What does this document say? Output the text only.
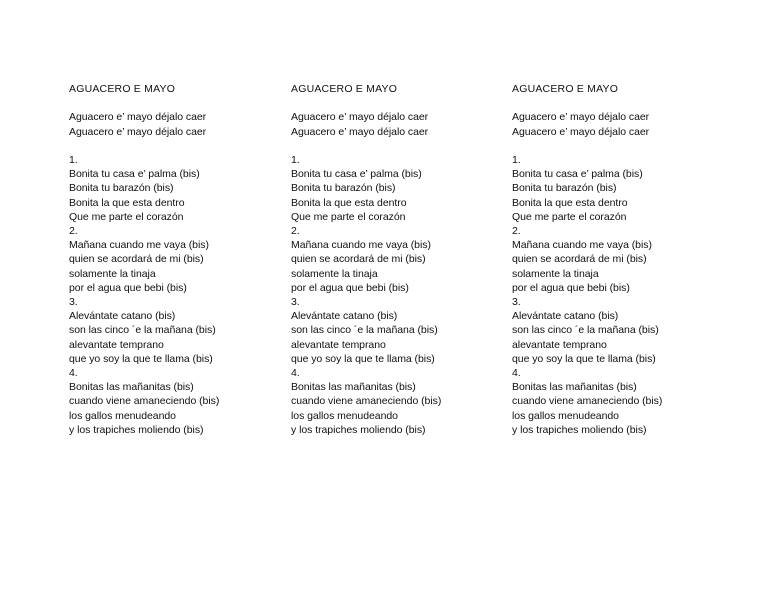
AGUACERO E MAYO
Aguacero e’ mayo déjalo caer
Aguacero e’ mayo déjalo caer
1.
Bonita tu casa e’ palma (bis)
Bonita tu barazón (bis)
Bonita la que esta dentro
Que me parte el corazón
2.
Mañana cuando me vaya (bis)
quien se acordará de mi (bis)
solamente la tinaja
por el agua que bebi (bis)
3.
Alevántate catano (bis)
son las cinco ´e la mañana (bis)
alevantate temprano
que yo soy la que te llama (bis)
4.
Bonitas las mañanitas (bis)
cuando viene amaneciendo (bis)
los gallos menudeando
y los trapiches moliendo (bis)
AGUACERO E MAYO
Aguacero e’ mayo déjalo caer
Aguacero e’ mayo déjalo caer
1.
Bonita tu casa e’ palma (bis)
Bonita tu barazón (bis)
Bonita la que esta dentro
Que me parte el corazón
2.
Mañana cuando me vaya (bis)
quien se acordará de mi (bis)
solamente la tinaja
por el agua que bebi (bis)
3.
Alevántate catano (bis)
son las cinco ´e la mañana (bis)
alevantate temprano
que yo soy la que te llama (bis)
4.
Bonitas las mañanitas (bis)
cuando viene amaneciendo (bis)
los gallos menudeando
y los trapiches moliendo (bis)
AGUACERO E MAYO
Aguacero e’ mayo déjalo caer
Aguacero e’ mayo déjalo caer
1.
Bonita tu casa e’ palma (bis)
Bonita tu barazón (bis)
Bonita la que esta dentro
Que me parte el corazón
2.
Mañana cuando me vaya (bis)
quien se acordará de mi (bis)
solamente la tinaja
por el agua que bebi (bis)
3.
Alevántate catano (bis)
son las cinco ´e la mañana (bis)
alevantate temprano
que yo soy la que te llama (bis)
4.
Bonitas las mañanitas (bis)
cuando viene amaneciendo (bis)
los gallos menudeando
y los trapiches moliendo (bis)
